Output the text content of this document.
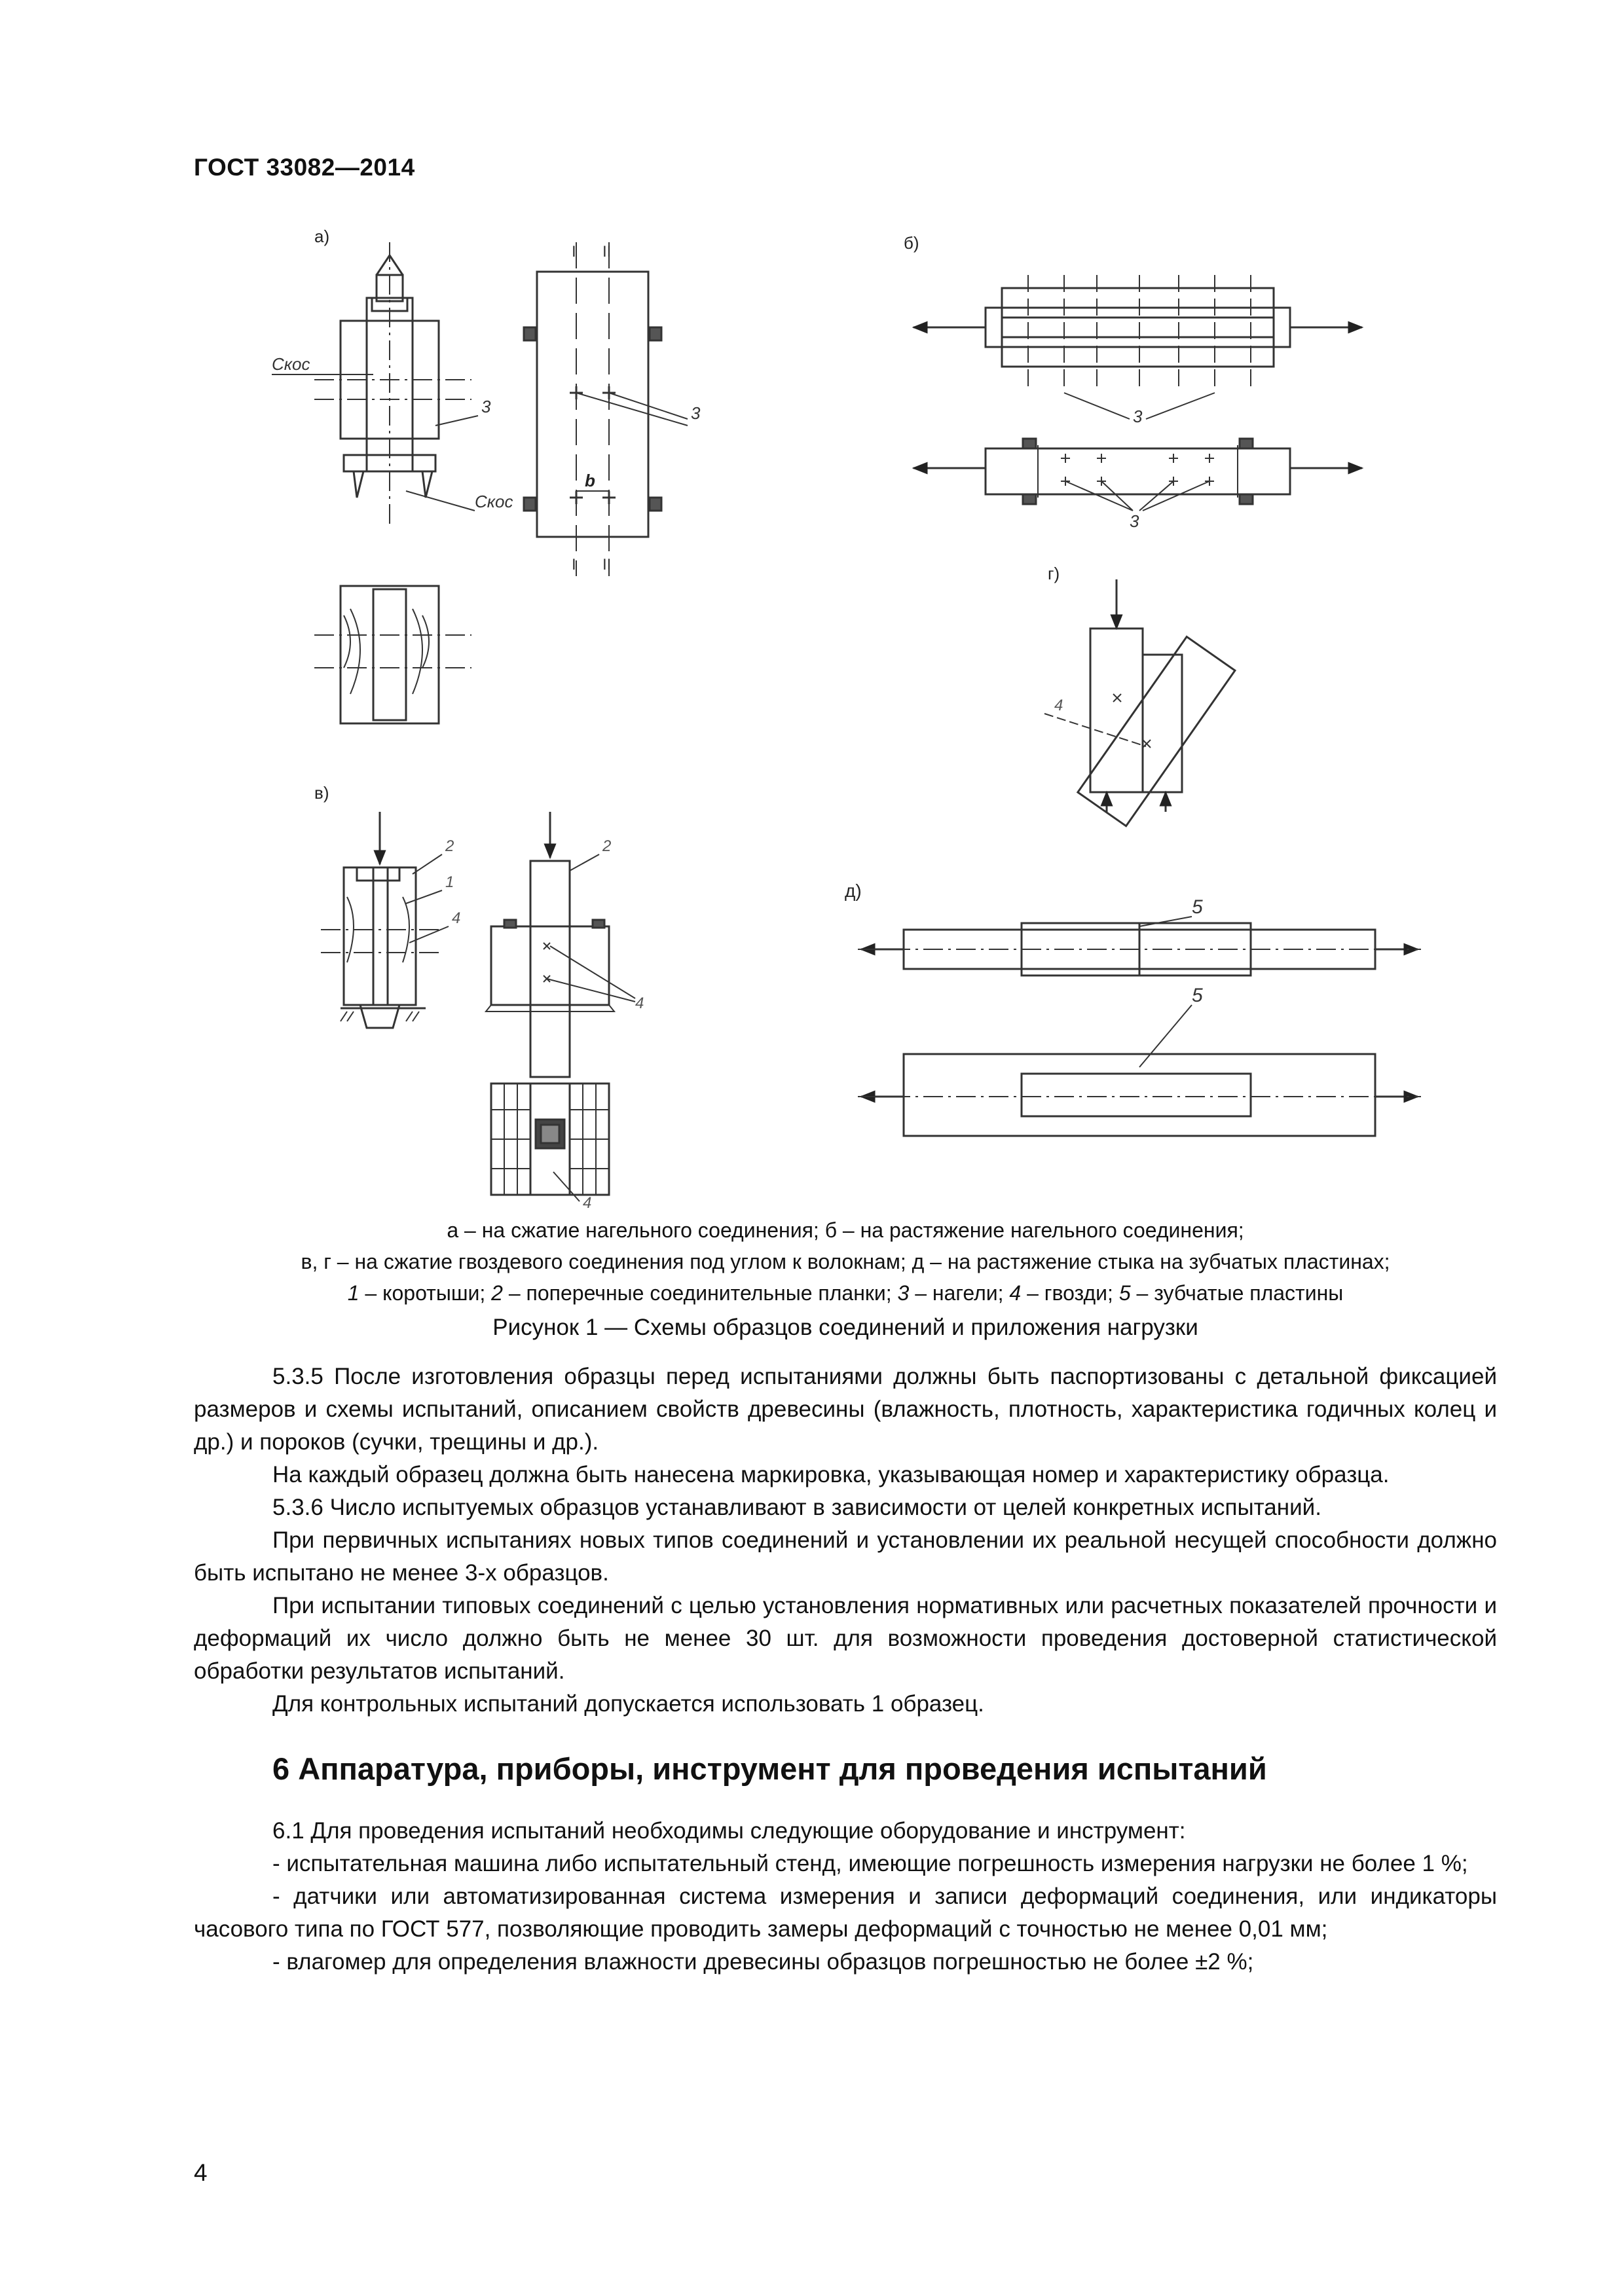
ГОСТ 33082—2014
а)
Скос
Скос
3
I II
I II
3
b
б)
3
3
г)
4
в)
2
1
4
4
2
4
д)
5
5
а – на сжатие нагельного соединения; б – на растяжение нагельного соединения;
в, г – на сжатие гвоздевого соединения под углом к волокнам; д – на растяжение стыка на зубчатых пластинах;
1 – коротыши; 2 – поперечные соединительные планки; 3 – нагели; 4 – гвозди; 5 – зубчатые пластины
Рисунок 1 — Схемы образцов соединений и приложения нагрузки

5.3.5 После изготовления образцы перед испытаниями должны быть паспортизованы с детальной фиксацией размеров и схемы испытаний, описанием свойств древесины (влажность, плотность, характеристика годичных колец и др.) и пороков (сучки, трещины и др.).

На каждый образец должна быть нанесена маркировка, указывающая номер и характеристику образца.

5.3.6 Число испытуемых образцов устанавливают в зависимости от целей конкретных испытаний.

При первичных испытаниях новых типов соединений и установлении их реальной несущей способности должно быть испытано не менее 3-х образцов.

При испытании типовых соединений с целью установления нормативных или расчетных показателей прочности и деформаций их число должно быть не менее 30 шт. для возможности проведения достоверной статистической обработки результатов испытаний.

Для контрольных испытаний допускается использовать 1 образец.

6 Аппаратура, приборы, инструмент для проведения испытаний

6.1 Для проведения испытаний необходимы следующие оборудование и инструмент:

- испытательная машина либо испытательный стенд, имеющие погрешность измерения нагрузки не более 1 %;

- датчики или автоматизированная система измерения и записи деформаций соединения, или индикаторы часового типа по ГОСТ 577, позволяющие проводить замеры деформаций с точностью не менее 0,01 мм;

- влагомер для определения влажности древесины образцов погрешностью не более ±2 %;

4
